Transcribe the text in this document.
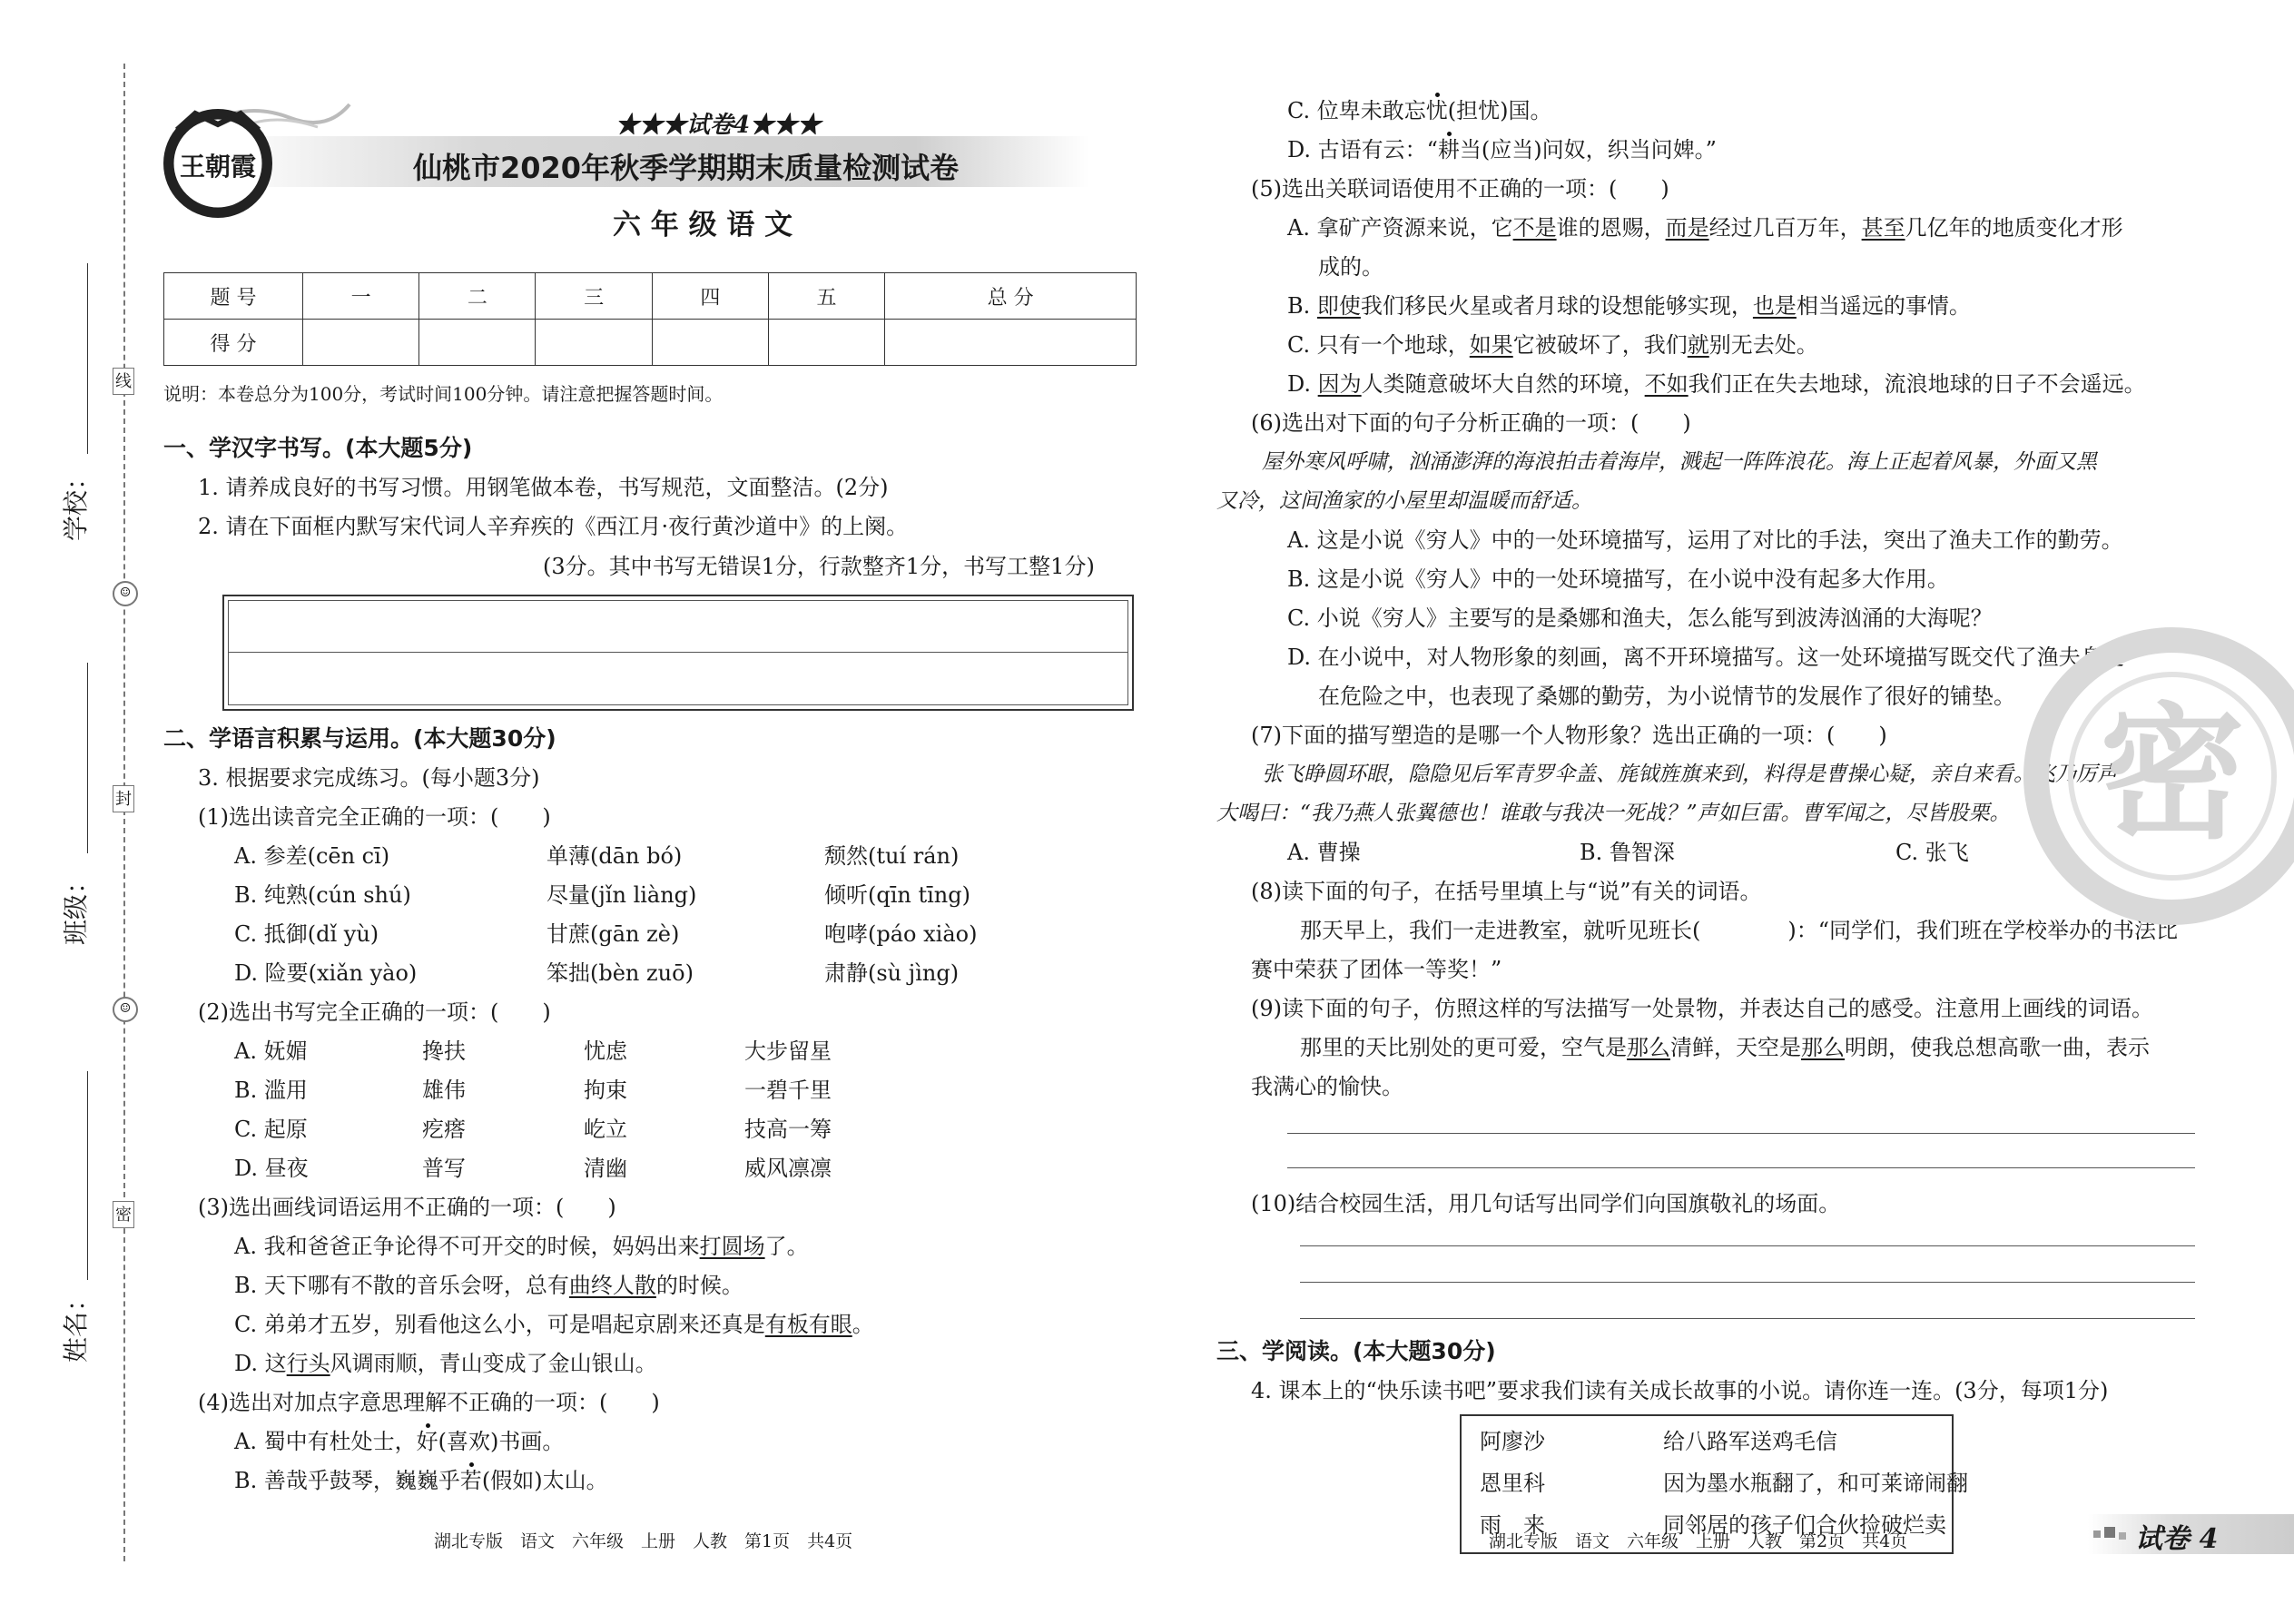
线
封
密
☺
☺
学校：
班级：
姓名：
王朝霞
★★★试卷4★★★
仙桃市2020年秋季学期期末质量检测试卷
六 年 级 语 文
题 号	一	二	三	四	五	总 分
得 分						
说明：本卷总分为100分，考试时间100分钟。请注意把握答题时间。
一、学汉字书写。(本大题5分)
1. 请养成良好的书写习惯。用钢笔做本卷，书写规范，文面整洁。(2分)
2. 请在下面框内默写宋代词人辛弃疾的《西江月·夜行黄沙道中》的上阕。
(3分。其中书写无错误1分，行款整齐1分，书写工整1分)
二、学语言积累与运用。(本大题30分)
3. 根据要求完成练习。(每小题3分)
(1)选出读音完全正确的一项：(　　)
A. 参差(cēn cī)	单薄(dān bó)	颓然(tuí rán)
B. 纯熟(cún shú)	尽量(jǐn liàng)	倾听(qīn tīng)
C. 抵御(dǐ yù)	甘蔗(gān zè)	咆哮(páo xiào)
D. 险要(xiǎn yào)	笨拙(bèn zuō)	肃静(sù jìng)
(2)选出书写完全正确的一项：(　　)
A. 妩媚	搀扶	忧虑	大步留星
B. 滥用	雄伟	拘束	一碧千里
C. 起原	疙瘩	屹立	技高一筹
D. 昼夜	普写	清幽	威风凛凛
(3)选出画线词语运用不正确的一项：(　　)
A. 我和爸爸正争论得不可开交的时候，妈妈出来打圆场了。
B. 天下哪有不散的音乐会呀，总有曲终人散的时候。
C. 弟弟才五岁，别看他这么小，可是唱起京剧来还真是有板有眼。
D. 这行头风调雨顺，青山变成了金山银山。
(4)选出对加点字意思理解不正确的一项：(　　)
A. 蜀中有杜处士，好(喜欢)书画。
B. 善哉乎鼓琴，巍巍乎若(假如)太山。
湖北专版　语文　六年级　上册　人教　第1页　共4页
C. 位卑未敢忘忧(担忧)国。
D. 古语有云：“耕当(应当)问奴，织当问婢。”
(5)选出关联词语使用不正确的一项：(　　)
A. 拿矿产资源来说，它不是谁的恩赐，而是经过几百万年，甚至几亿年的地质变化才形
成的。
B. 即使我们移民火星或者月球的设想能够实现，也是相当遥远的事情。
C. 只有一个地球，如果它被破坏了，我们就别无去处。
D. 因为人类随意破坏大自然的环境，不如我们正在失去地球，流浪地球的日子不会遥远。
(6)选出对下面的句子分析正确的一项：(　　)
屋外寒风呼啸，汹涌澎湃的海浪拍击着海岸，溅起一阵阵浪花。海上正起着风暴，外面又黑
又冷，这间渔家的小屋里却温暖而舒适。
A. 这是小说《穷人》中的一处环境描写，运用了对比的手法，突出了渔夫工作的勤劳。
B. 这是小说《穷人》中的一处环境描写，在小说中没有起多大作用。
C. 小说《穷人》主要写的是桑娜和渔夫，怎么能写到波涛汹涌的大海呢？
D. 在小说中，对人物形象的刻画，离不开环境描写。这一处环境描写既交代了渔夫身处
在危险之中，也表现了桑娜的勤劳，为小说情节的发展作了很好的铺垫。
(7)下面的描写塑造的是哪一个人物形象？选出正确的一项：(　　)
张飞睁圆环眼，隐隐见后军青罗伞盖、旄钺旌旗来到，料得是曹操心疑，亲自来看。飞乃厉声
大喝曰：“我乃燕人张翼德也！谁敢与我决一死战？”声如巨雷。曹军闻之，尽皆股栗。
A. 曹操	B. 鲁智深	C. 张飞
(8)读下面的句子，在括号里填上与“说”有关的词语。
那天早上，我们一走进教室，就听见班长(　　　　)：“同学们，我们班在学校举办的书法比
赛中荣获了团体一等奖！”
(9)读下面的句子，仿照这样的写法描写一处景物，并表达自己的感受。注意用上画线的词语。
那里的天比别处的更可爱，空气是那么清鲜，天空是那么明朗，使我总想高歌一曲，表示
我满心的愉快。
(10)结合校园生活，用几句话写出同学们向国旗敬礼的场面。
三、学阅读。(本大题30分)
4. 课本上的“快乐读书吧”要求我们读有关成长故事的小说。请你连一连。(3分，每项1分)
阿廖沙	给八路军送鸡毛信
恩里科	因为墨水瓶翻了，和可莱谛闹翻
雨　来	同邻居的孩子们合伙捡破烂卖
湖北专版　语文　六年级　上册　人教　第2页　共4页	试卷 4
密
